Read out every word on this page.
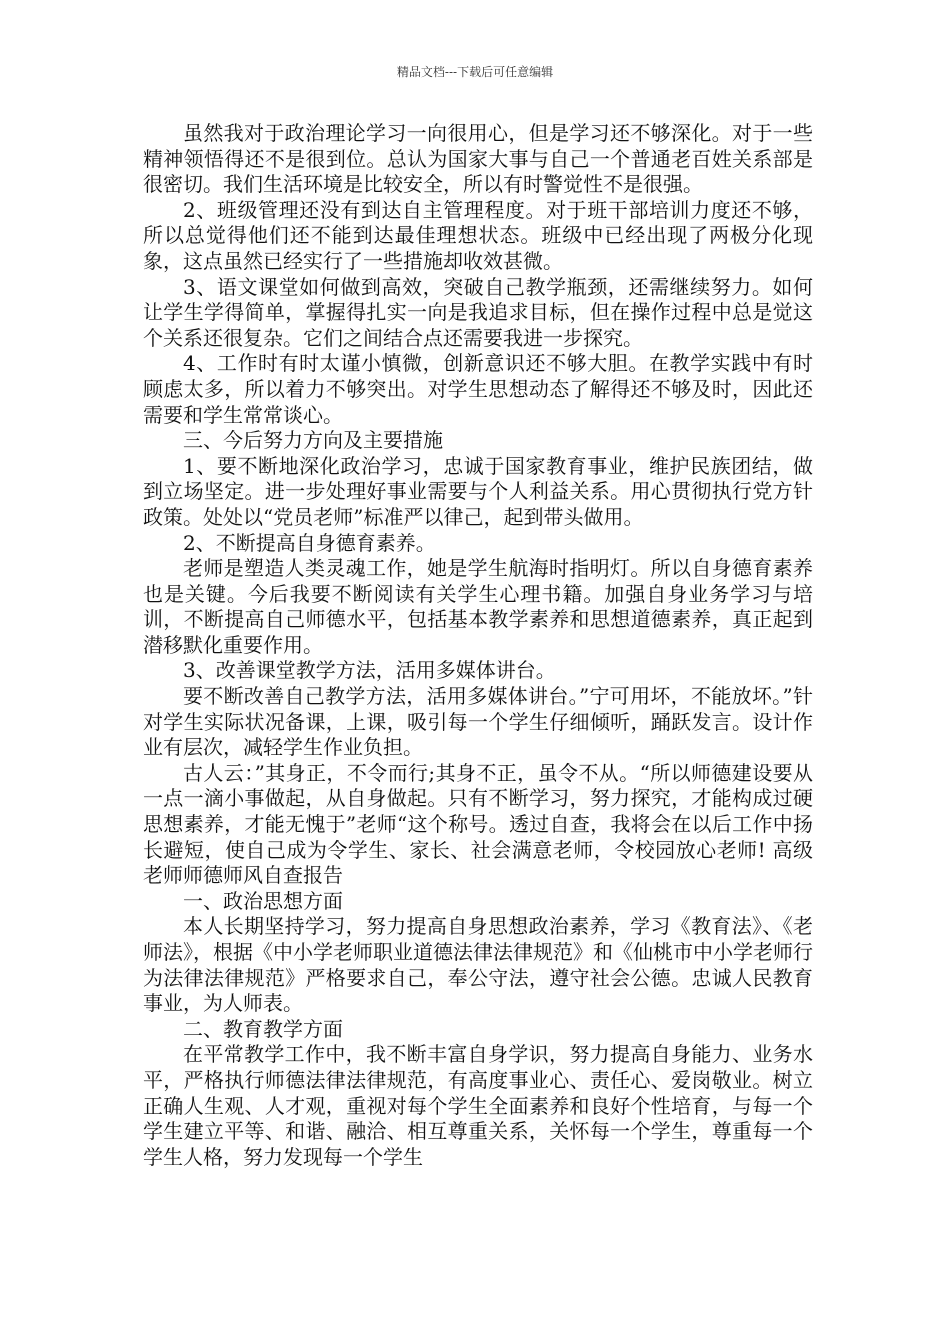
精品文档---下载后可任意编辑

虽然我对于政治理论学习一向很用心，但是学习还不够深化。对于一些精神领悟得还不是很到位。总认为国家大事与自己一个普通老百姓关系部是很密切。我们生活环境是比较安全，所以有时警觉性不是很强。

2、班级管理还没有到达自主管理程度。对于班干部培训力度还不够，所以总觉得他们还不能到达最佳理想状态。班级中已经出现了两极分化现象，这点虽然已经实行了一些措施却收效甚微。

3、语文课堂如何做到高效，突破自己教学瓶颈，还需继续努力。如何让学生学得简单，掌握得扎实一向是我追求目标，但在操作过程中总是觉这个关系还很复杂。它们之间结合点还需要我进一步探究。

4、工作时有时太谨小慎微，创新意识还不够大胆。在教学实践中有时顾虑太多，所以着力不够突出。对学生思想动态了解得还不够及时，因此还需要和学生常常谈心。

三、今后努力方向及主要措施

1、要不断地深化政治学习，忠诚于国家教育事业，维护民族团结，做到立场坚定。进一步处理好事业需要与个人利益关系。用心贯彻执行党方针政策。处处以“党员老师”标准严以律己，起到带头做用。

2、不断提高自身德育素养。

老师是塑造人类灵魂工作，她是学生航海时指明灯。所以自身德育素养也是关键。今后我要不断阅读有关学生心理书籍。加强自身业务学习与培训，不断提高自己师德水平，包括基本教学素养和思想道德素养，真正起到潜移默化重要作用。

3、改善课堂教学方法，活用多媒体讲台。

要不断改善自己教学方法，活用多媒体讲台。”宁可用坏，不能放坏。”针对学生实际状况备课，上课，吸引每一个学生仔细倾听，踊跃发言。设计作业有层次，减轻学生作业负担。

古人云：”其身正，不令而行;其身不正，虽令不从。“所以师德建设要从一点一滴小事做起，从自身做起。只有不断学习，努力探究，才能构成过硬思想素养，才能无愧于”老师“这个称号。透过自查，我将会在以后工作中扬长避短，使自己成为令学生、家长、社会满意老师，令校园放心老师! 高级老师师德师风自查报告

一、政治思想方面

本人长期坚持学习，努力提高自身思想政治素养，学习《教育法》、《老师法》，根据《中小学老师职业道德法律法律规范》和《仙桃市中小学老师行为法律法律规范》严格要求自己，奉公守法，遵守社会公德。忠诚人民教育事业，为人师表。

二、教育教学方面

在平常教学工作中，我不断丰富自身学识，努力提高自身能力、业务水平，严格执行师德法律法律规范，有高度事业心、责任心、爱岗敬业。树立正确人生观、人才观，重视对每个学生全面素养和良好个性培育，与每一个学生建立平等、和谐、融洽、相互尊重关系，关怀每一个学生，尊重每一个学生人格，努力发现每一个学生
